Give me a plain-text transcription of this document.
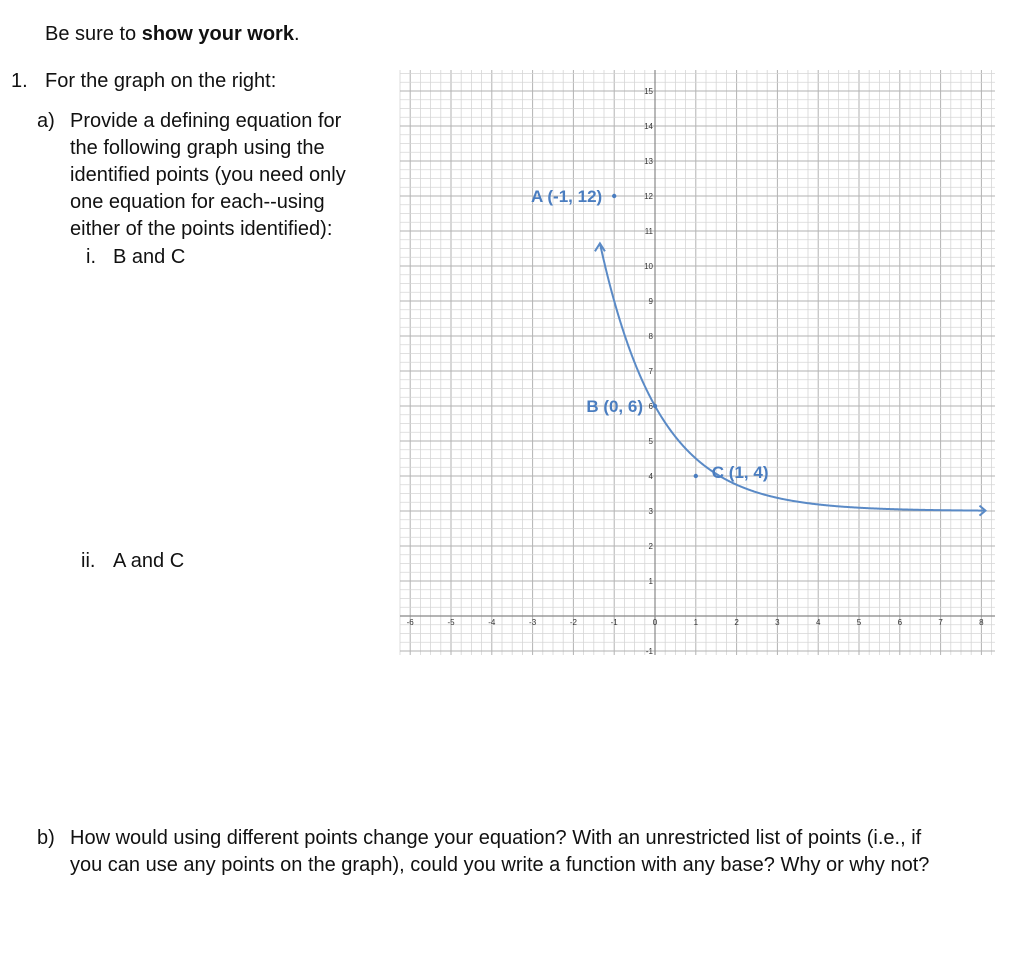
Be sure to show your work.
1. For the graph on the right:
a) Provide a defining equation for
the following graph using the
identified points (you need only
one equation for each--using
either of the points identified):
i. B and C
ii. A and C
b) How would using different points change your equation? With an unrestricted list of points (i.e., if
you can use any points on the graph), could you write a function with any base? Why or why not?
-6	-5	-4	-3	-2	-1	0	1	2	3	4	5	6	7	8
-1
1
2
3
4
5
6
7
8
9
10
11
12
13
14
15
A (-1, 12)
B (0, 6)
C (1, 4)
